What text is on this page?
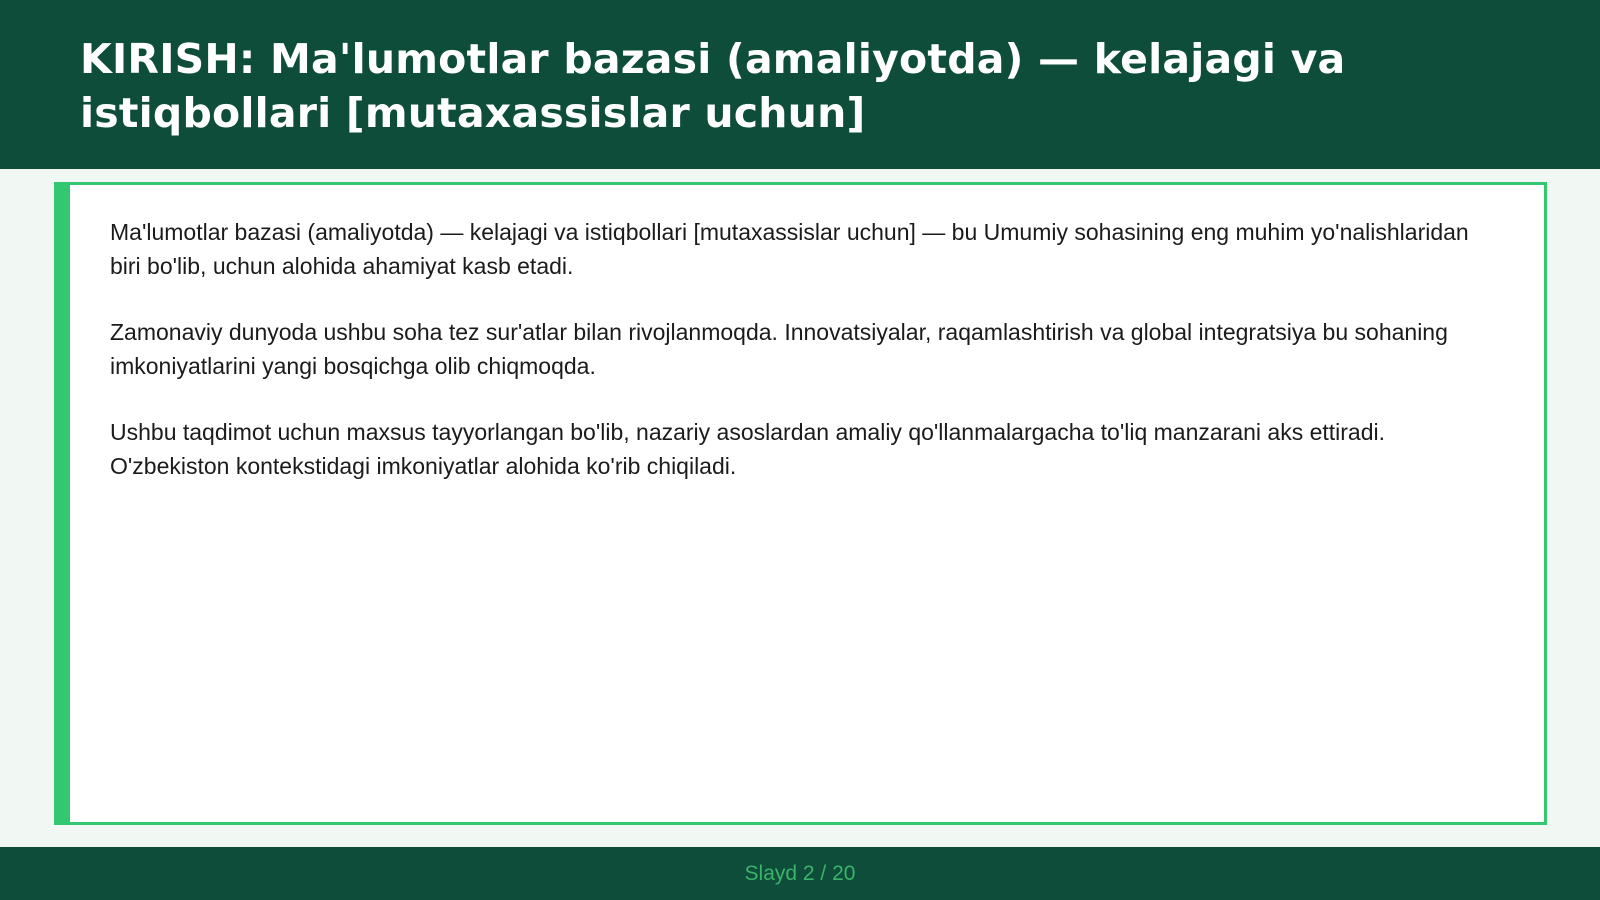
KIRISH: Ma'lumotlar bazasi (amaliyotda) — kelajagi va istiqbollari [mutaxassislar uchun]

Ma'lumotlar bazasi (amaliyotda) — kelajagi va istiqbollari [mutaxassislar uchun] — bu Umumiy sohasining eng muhim yo'nalishlaridan biri bo'lib, uchun alohida ahamiyat kasb etadi.

Zamonaviy dunyoda ushbu soha tez sur'atlar bilan rivojlanmoqda. Innovatsiyalar, raqamlashtirish va global integratsiya bu sohaning imkoniyatlarini yangi bosqichga olib chiqmoqda.

Ushbu taqdimot uchun maxsus tayyorlangan bo'lib, nazariy asoslardan amaliy qo'llanmalargacha to'liq manzarani aks ettiradi. O'zbekiston kontekstidagi imkoniyatlar alohida ko'rib chiqiladi.

Slayd 2 / 20
